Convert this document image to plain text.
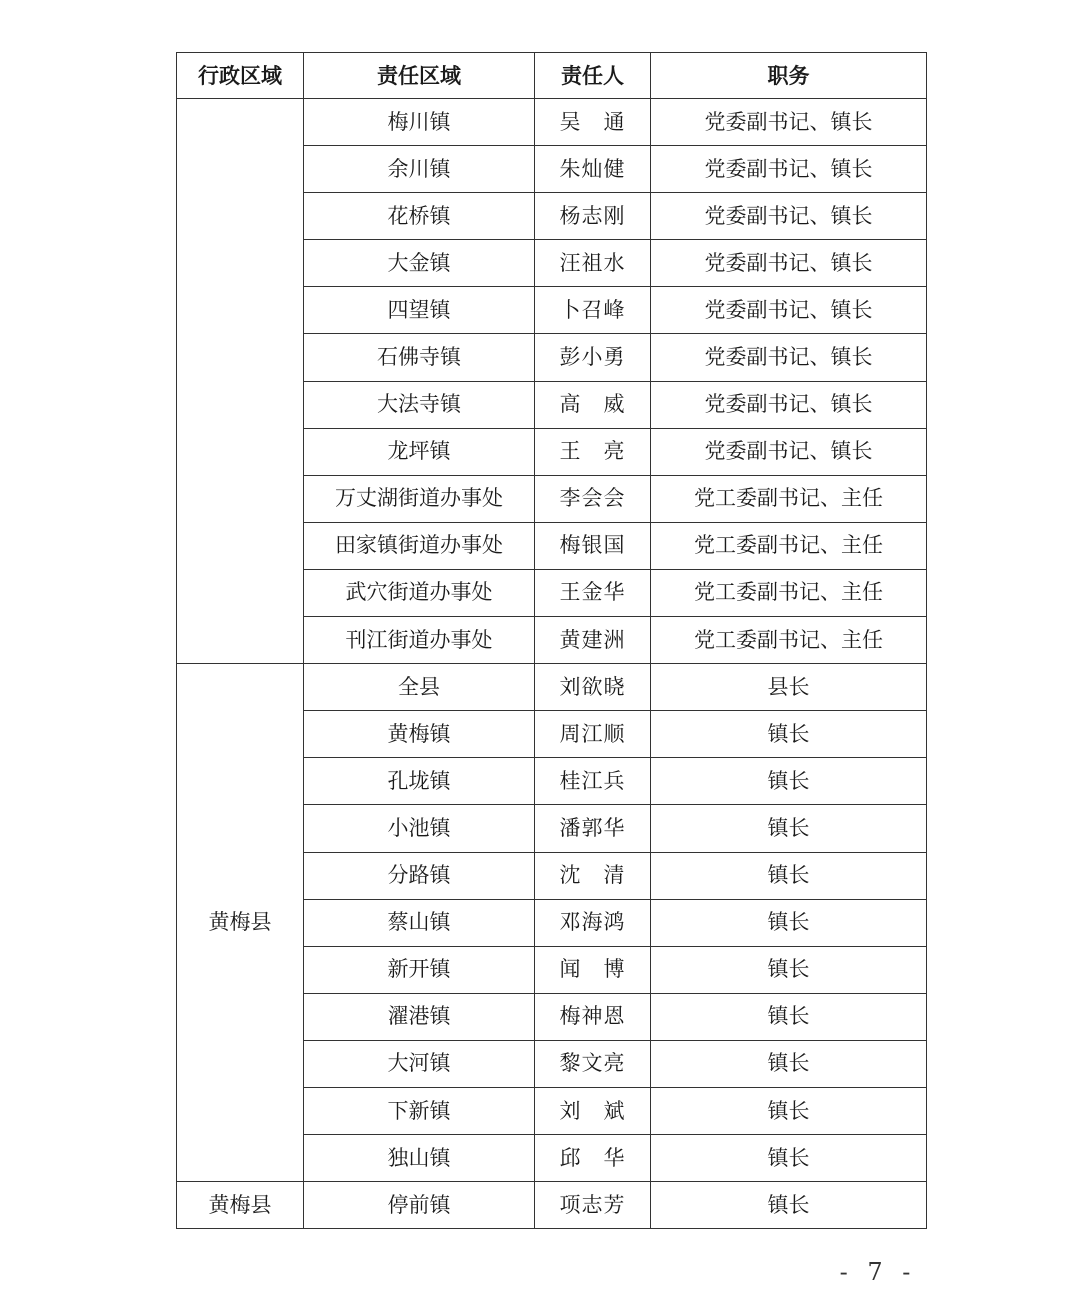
行政区域	责任区域	责任人	职务
	梅川镇	吴　通	党委副书记、镇长
	余川镇	朱灿健	党委副书记、镇长
	花桥镇	杨志刚	党委副书记、镇长
	大金镇	汪祖水	党委副书记、镇长
	四望镇	卜召峰	党委副书记、镇长
	石佛寺镇	彭小勇	党委副书记、镇长
	大法寺镇	高　威	党委副书记、镇长
	龙坪镇	王　亮	党委副书记、镇长
	万丈湖街道办事处	李会会	党工委副书记、主任
	田家镇街道办事处	梅银国	党工委副书记、主任
	武穴街道办事处	王金华	党工委副书记、主任
	刊江街道办事处	黄建洲	党工委副书记、主任
黄梅县	全县	刘欲晓	县长
	黄梅镇	周江顺	镇长
	孔垅镇	桂江兵	镇长
	小池镇	潘郭华	镇长
	分路镇	沈　清	镇长
	蔡山镇	邓海鸿	镇长
	新开镇	闻　博	镇长
	濯港镇	梅神恩	镇长
	大河镇	黎文亮	镇长
	下新镇	刘　斌	镇长
	独山镇	邱　华	镇长
黄梅县	停前镇	项志芳	镇长
- 7 -
